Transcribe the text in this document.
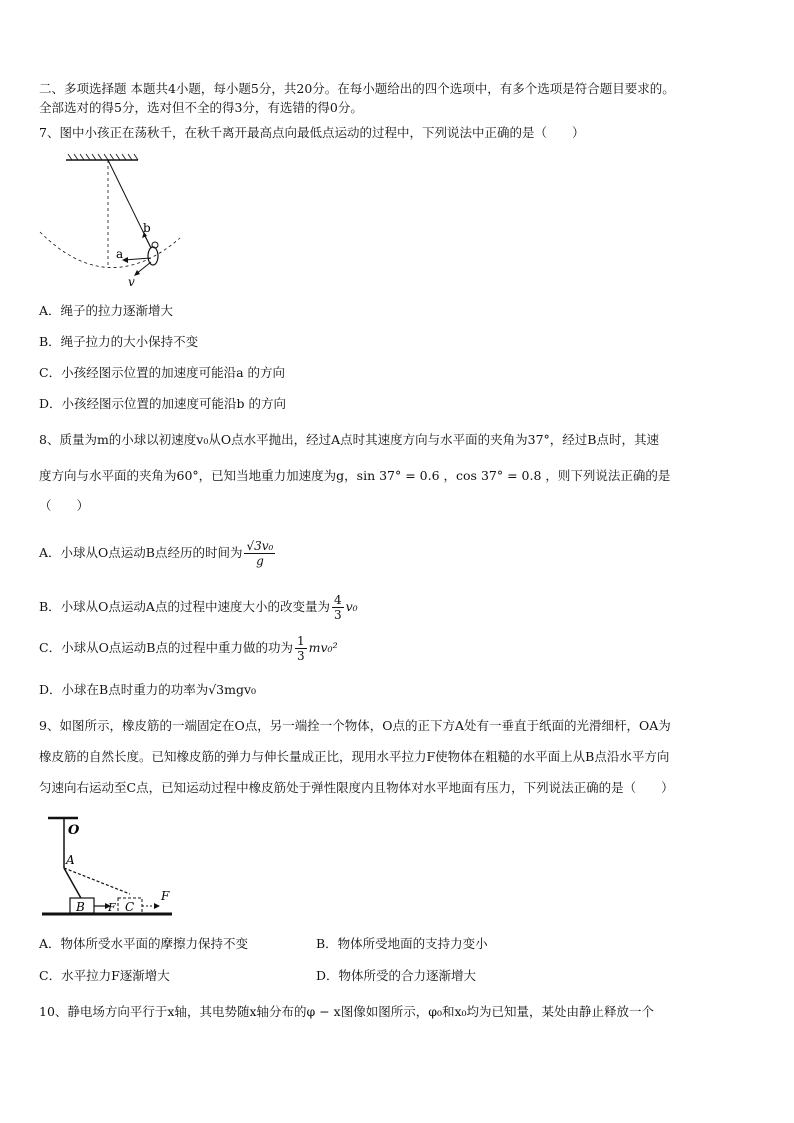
二、多项选择题 本题共4小题，每小题5分，共20分。在每小题给出的四个选项中，有多个选项是符合题目要求的。
全部选对的得5分，选对但不全的得3分，有选错的得0分。
7、图中小孩正在荡秋千，在秋千离开最高点向最低点运动的过程中，下列说法中正确的是（　　）
b
a
v
A．绳子的拉力逐渐增大
B．绳子拉力的大小保持不变
C．小孩经图示位置的加速度可能沿a 的方向
D．小孩经图示位置的加速度可能沿b 的方向
8、质量为m的小球以初速度v₀从O点水平抛出，经过A点时其速度方向与水平面的夹角为37°，经过B点时，其速
度方向与水平面的夹角为60°，已知当地重力加速度为g，sin 37° = 0.6 ，cos 37° = 0.8 ，则下列说法正确的是
（　　）
A．小球从O点运动B点经历的时间为 $\frac{\text{√3v₀}}{g}$
B．小球从O点运动A点的过程中速度大小的改变量为 $\frac{4}{3} v_0$
C．小球从O点运动B点的过程中重力做的功为 $\frac{1}{3} mv_0^2$
D．小球在B点时重力的功率为√3mgv₀
9、如图所示，橡皮筋的一端固定在O点，另一端拴一个物体，O点的正下方A处有一垂直于纸面的光滑细杆，OA为
橡皮筋的自然长度。已知橡皮筋的弹力与伸长量成正比，现用水平拉力F使物体在粗糙的水平面上从B点沿水平方向
匀速向右运动至C点，已知运动过程中橡皮筋处于弹性限度内且物体对水平地面有压力，下列说法正确的是（　　）
O
A
B	C
F
F
A．物体所受水平面的摩擦力保持不变	B．物体所受地面的支持力变小
C．水平拉力F逐渐增大	D．物体所受的合力逐渐增大
10、静电场方向平行于x轴，其电势随x轴分布的φ − x图像如图所示，φ₀和x₀均为已知量，某处由静止释放一个
